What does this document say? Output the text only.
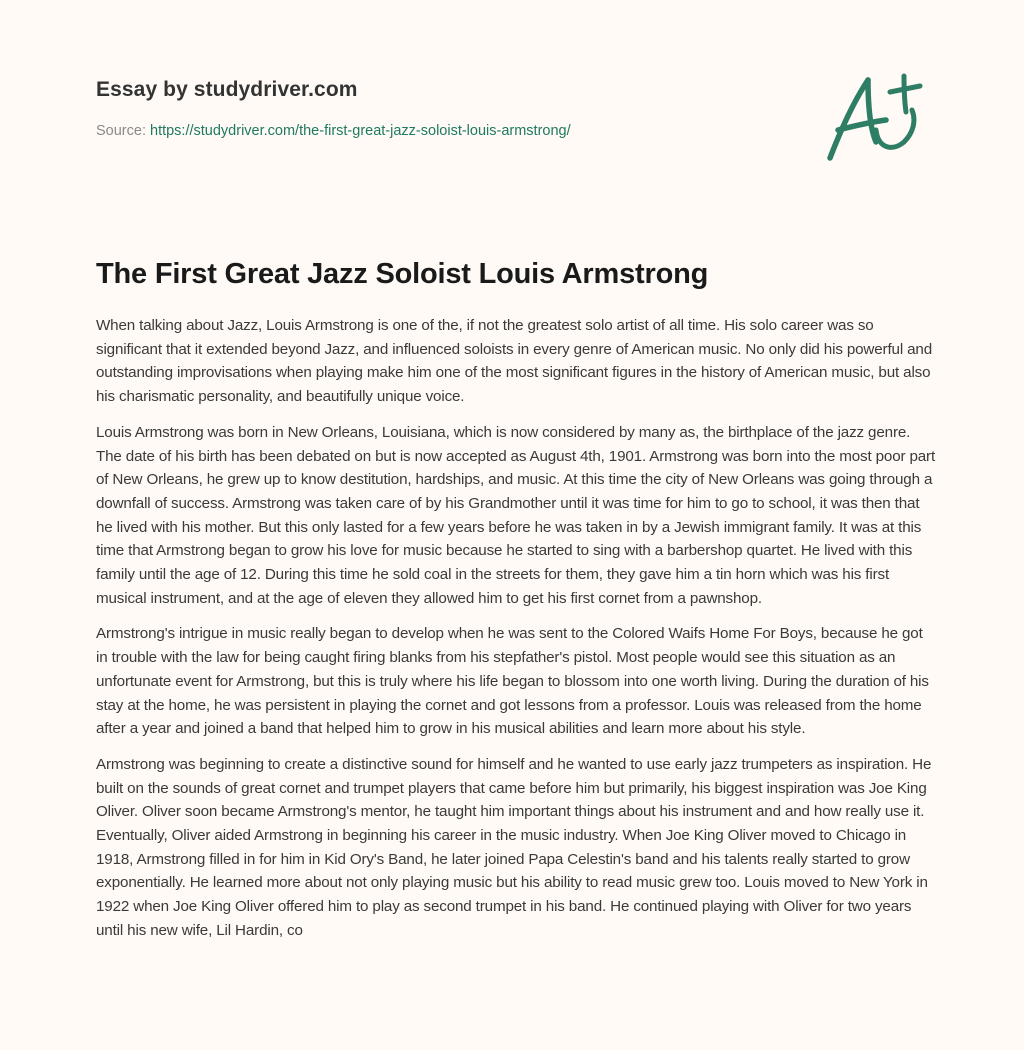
Essay by studydriver.com
Source: https://studydriver.com/the-first-great-jazz-soloist-louis-armstrong/
The First Great Jazz Soloist Louis Armstrong

When talking about Jazz, Louis Armstrong is one of the, if not the greatest solo artist of all time. His solo career was so significant that it extended beyond Jazz, and influenced soloists in every genre of American music. No only did his powerful and outstanding improvisations when playing make him one of the most significant figures in the history of American music, but also his charismatic personality, and beautifully unique voice.

Louis Armstrong was born in New Orleans, Louisiana, which is now considered by many as, the birthplace of the jazz genre. The date of his birth has been debated on but is now accepted as August 4th, 1901. Armstrong was born into the most poor part of New Orleans, he grew up to know destitution, hardships, and music. At this time the city of New Orleans was going through a downfall of success. Armstrong was taken care of by his Grandmother until it was time for him to go to school, it was then that he lived with his mother. But this only lasted for a few years before he was taken in by a Jewish immigrant family. It was at this time that Armstrong began to grow his love for music because he started to sing with a barbershop quartet. He lived with this family until the age of 12. During this time he sold coal in the streets for them, they gave him a tin horn which was his first musical instrument, and at the age of eleven they allowed him to get his first cornet from a pawnshop.

Armstrong's intrigue in music really began to develop when he was sent to the Colored Waifs Home For Boys, because he got in trouble with the law for being caught firing blanks from his stepfather's pistol. Most people would see this situation as an unfortunate event for Armstrong, but this is truly where his life began to blossom into one worth living. During the duration of his stay at the home, he was persistent in playing the cornet and got lessons from a professor. Louis was released from the home after a year and joined a band that helped him to grow in his musical abilities and learn more about his style.

Armstrong was beginning to create a distinctive sound for himself and he wanted to use early jazz trumpeters as inspiration. He built on the sounds of great cornet and trumpet players that came before him but primarily, his biggest inspiration was Joe King Oliver. Oliver soon became Armstrong's mentor, he taught him important things about his instrument and and how really use it. Eventually, Oliver aided Armstrong in beginning his career in the music industry. When Joe King Oliver moved to Chicago in 1918, Armstrong filled in for him in Kid Ory's Band, he later joined Papa Celestin's band and his talents really started to grow exponentially. He learned more about not only playing music but his ability to read music grew too. Louis moved to New York in 1922 when Joe King Oliver offered him to play as second trumpet in his band. He continued playing with Oliver for two years until his new wife, Lil Hardin, co
